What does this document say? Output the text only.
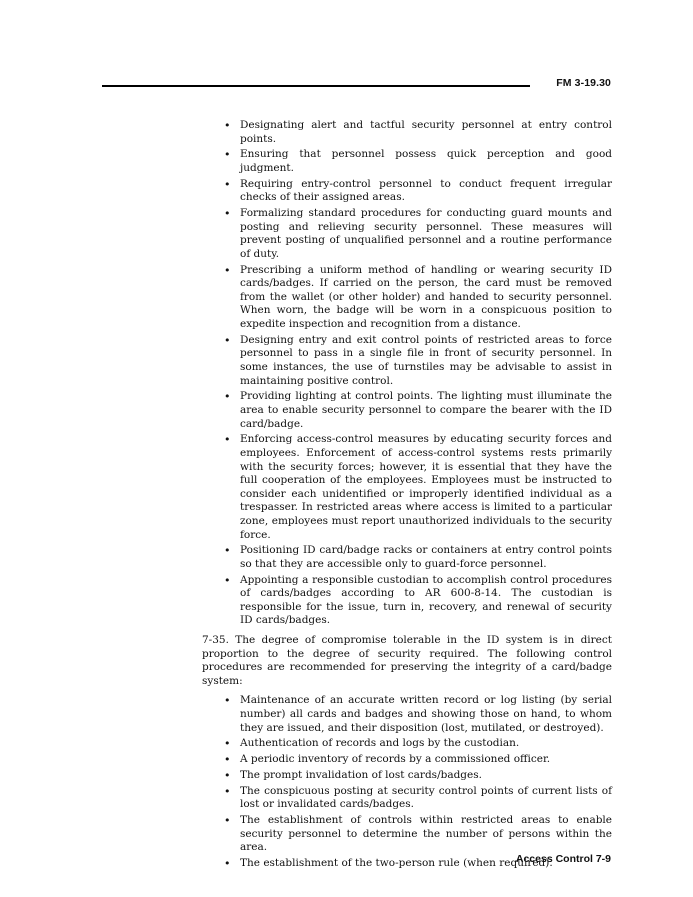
FM 3-19.30
• Designating alert and tactful security personnel at entry control points.
• Ensuring that personnel possess quick perception and good judgment.
• Requiring entry-control personnel to conduct frequent irregular checks of their assigned areas.
• Formalizing standard procedures for conducting guard mounts and posting and relieving security personnel. These measures will prevent posting of unqualified personnel and a routine performance of duty.
• Prescribing a uniform method of handling or wearing security ID cards/badges. If carried on the person, the card must be removed from the wallet (or other holder) and handed to security personnel. When worn, the badge will be worn in a conspicuous position to expedite inspection and recognition from a distance.
• Designing entry and exit control points of restricted areas to force personnel to pass in a single file in front of security personnel. In some instances, the use of turnstiles may be advisable to assist in maintaining positive control.
• Providing lighting at control points. The lighting must illuminate the area to enable security personnel to compare the bearer with the ID card/badge.
• Enforcing access-control measures by educating security forces and employees. Enforcement of access-control systems rests primarily with the security forces; however, it is essential that they have the full cooperation of the employees. Employees must be instructed to consider each unidentified or improperly identified individual as a trespasser. In restricted areas where access is limited to a particular zone, employees must report unauthorized individuals to the security force.
• Positioning ID card/badge racks or containers at entry control points so that they are accessible only to guard-force personnel.
• Appointing a responsible custodian to accomplish control procedures of cards/badges according to AR 600-8-14. The custodian is responsible for the issue, turn in, recovery, and renewal of security ID cards/badges.

7-35. The degree of compromise tolerable in the ID system is in direct proportion to the degree of security required. The following control procedures are recommended for preserving the integrity of a card/badge system:

• Maintenance of an accurate written record or log listing (by serial number) all cards and badges and showing those on hand, to whom they are issued, and their disposition (lost, mutilated, or destroyed).
• Authentication of records and logs by the custodian.
• A periodic inventory of records by a commissioned officer.
• The prompt invalidation of lost cards/badges.
• The conspicuous posting at security control points of current lists of lost or invalidated cards/badges.
• The establishment of controls within restricted areas to enable security personnel to determine the number of persons within the area.
• The establishment of the two-person rule (when required).
Access Control 7-9
